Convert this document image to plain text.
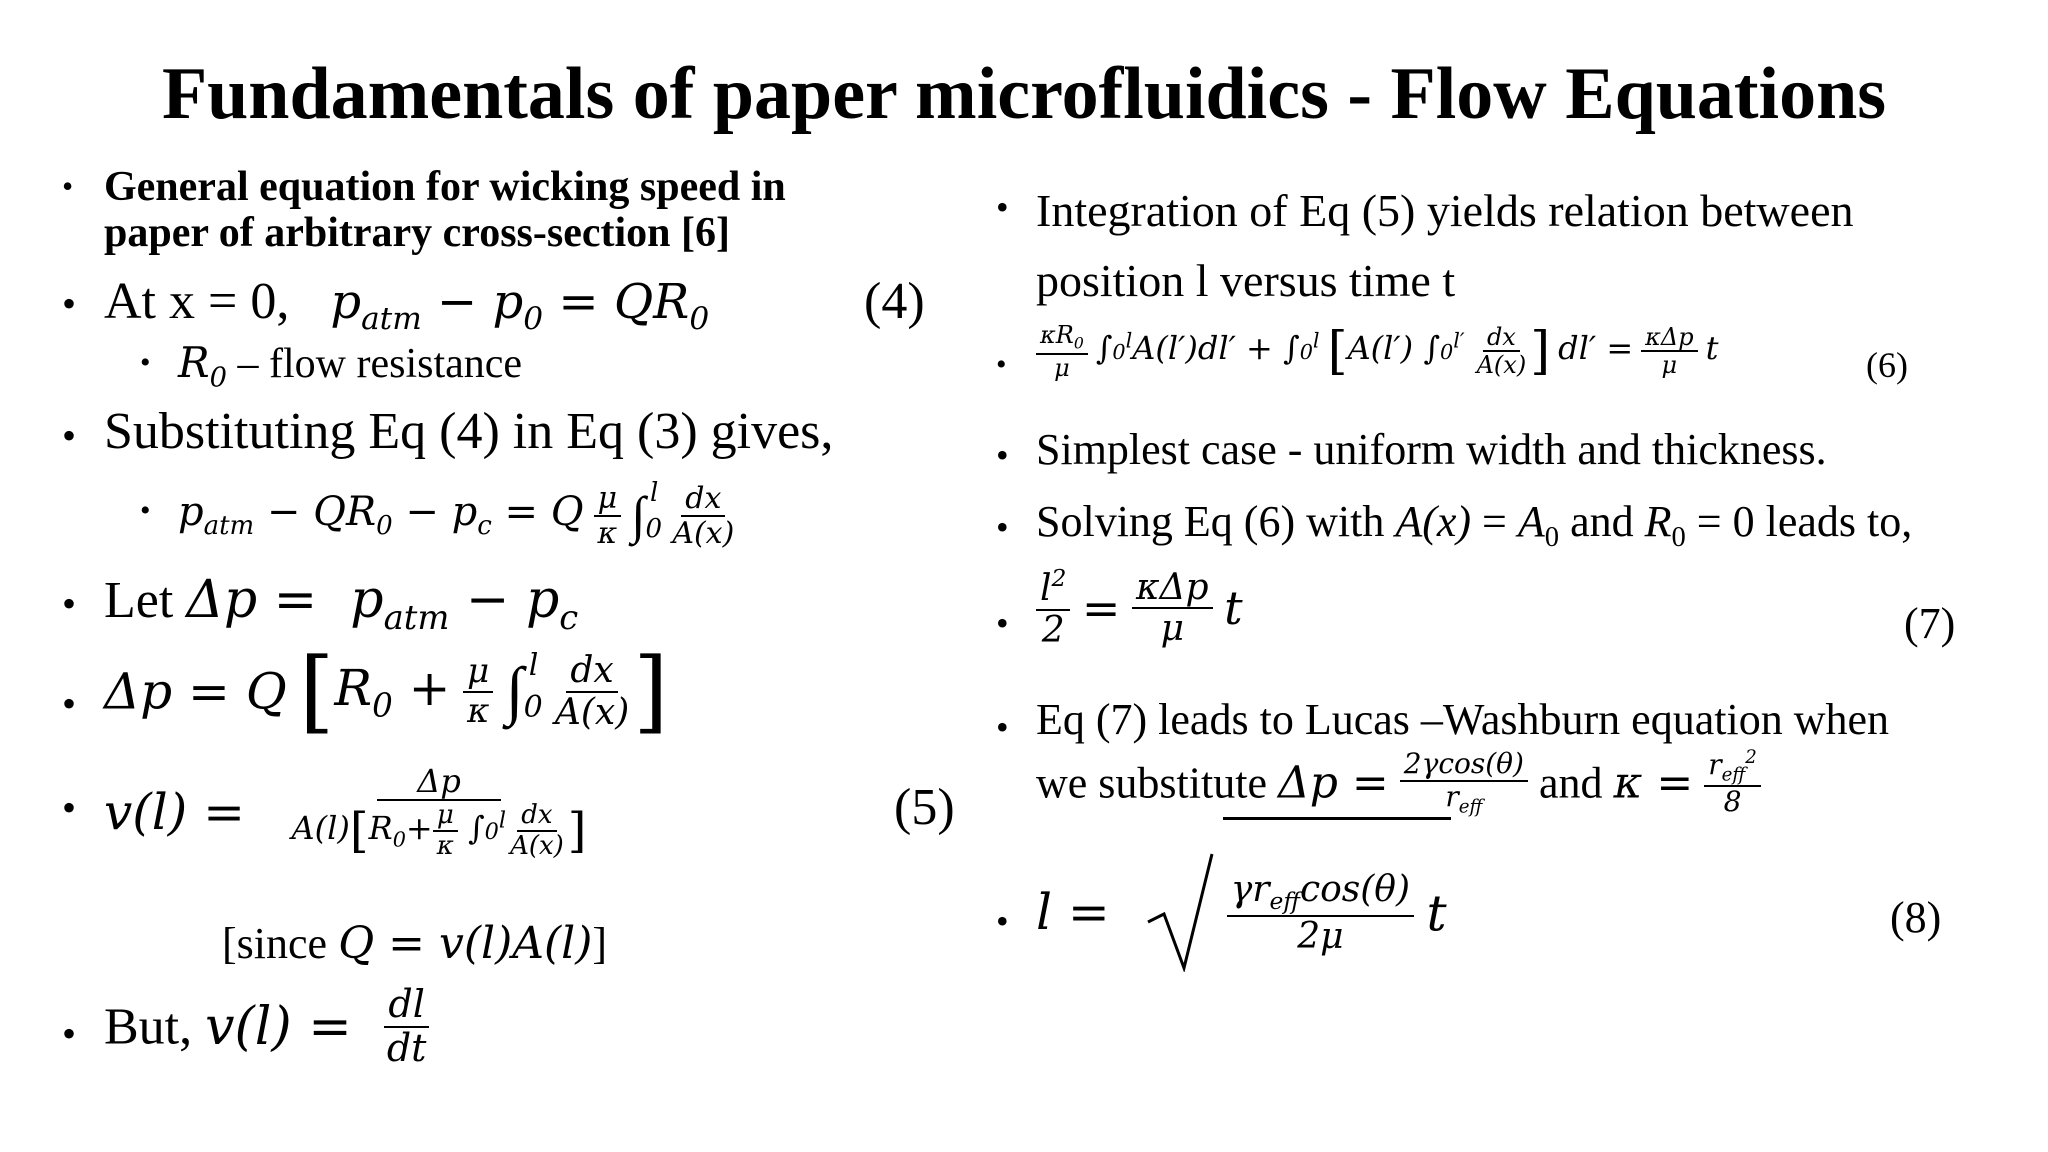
Fundamentals of paper microfluidics - Flow Equations
• General equation for wicking speed in
paper of arbitrary cross-section [6]
• At x = 0, $p_{atm} - p_0 = QR_0$	(4)
• $R_0$ – flow resistance
• Substituting Eq (4) in Eq (3) gives,
• $p_{atm} - QR_0 - p_c = Q \frac{\mu}{\kappa} \int_0^l \frac{dx}{A(x)}$
• Let $\Delta p = p_{atm} - p_c$
• Δp = Q [$R_0 + \frac{\mu}{\kappa} \int_0^l \frac{dx}{A(x)}$ ]
• $v(l) = \frac{\Delta p}{A(l)[R_0+ \frac{\mu}{\kappa} \int 0^l \frac{dx}{A(x)} ]}$	(5)
[since Q = v(l)A(l)]
• But, $v(l) = \frac{dl}{dt}$
• Integration of Eq (5) yields relation between
position l versus time t
• $\frac{\kappa R_0}{\mu} \int 0^lA(l')dl' + \int 0^l$ [A(l′) $\int 0^{l'} \frac{dx}{A(x)}$ ] $dl' = \frac{\text{κΔp}}{\mu}$ t	(6)
• Simplest case - uniform width and thickness.
• Solving Eq (6) with $A(x) = A_0$ and $R_0 = 0$ leads to,
• $\frac{l^2}{2} = \frac{\text{κΔp}}{\mu}$ t	(7)
• Eq (7) leads to Lucas –Washburn equation when
we substitute $\Delta p = \frac{2\gamma\cos(\theta)}{r_{eff}}$ and $\kappa = \frac{r_{eff}^2}{8}$
• l =	$\frac{\gamma r_{eff}\cos(\theta)}{2\mu}$ t	(8)
